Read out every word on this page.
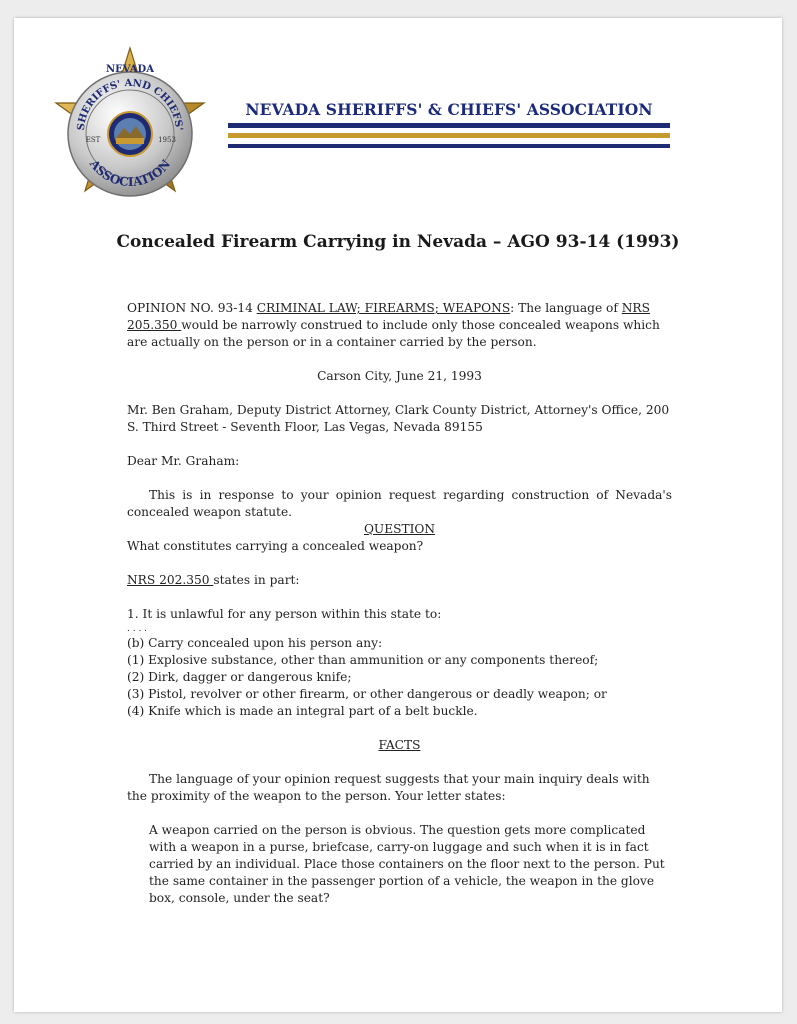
SHERIFFS' AND CHIEFS'
ASSOCIATION
NEVADA
EST	1953
NEVADA SHERIFFS' & CHIEFS' ASSOCIATION
Concealed Firearm Carrying in Nevada – AGO 93-14 (1993)

OPINION NO. 93-14 CRIMINAL LAW; FIREARMS; WEAPONS: The language of NRS 205.350 would be narrowly construed to include only those concealed weapons which are actually on the person or in a container carried by the person.

Carson City, June 21, 1993

Mr. Ben Graham, Deputy District Attorney, Clark County District, Attorney's Office, 200 S. Third Street - Seventh Floor, Las Vegas, Nevada 89155

Dear Mr. Graham:

This is in response to your opinion request regarding construction of Nevada's concealed weapon statute.

QUESTION

What constitutes carrying a concealed weapon?

NRS 202.350 states in part:

1. It is unlawful for any person within this state to:

. . . .

(b) Carry concealed upon his person any:

(1) Explosive substance, other than ammunition or any components thereof;

(2) Dirk, dagger or dangerous knife;

(3) Pistol, revolver or other firearm, or other dangerous or deadly weapon; or

(4) Knife which is made an integral part of a belt buckle.

FACTS

The language of your opinion request suggests that your main inquiry deals with the proximity of the weapon to the person. Your letter states:

A weapon carried on the person is obvious. The question gets more complicated with a weapon in a purse, briefcase, carry-on luggage and such when it is in fact carried by an individual. Place those containers on the floor next to the person. Put the same container in the passenger portion of a vehicle, the weapon in the glove box, console, under the seat?
